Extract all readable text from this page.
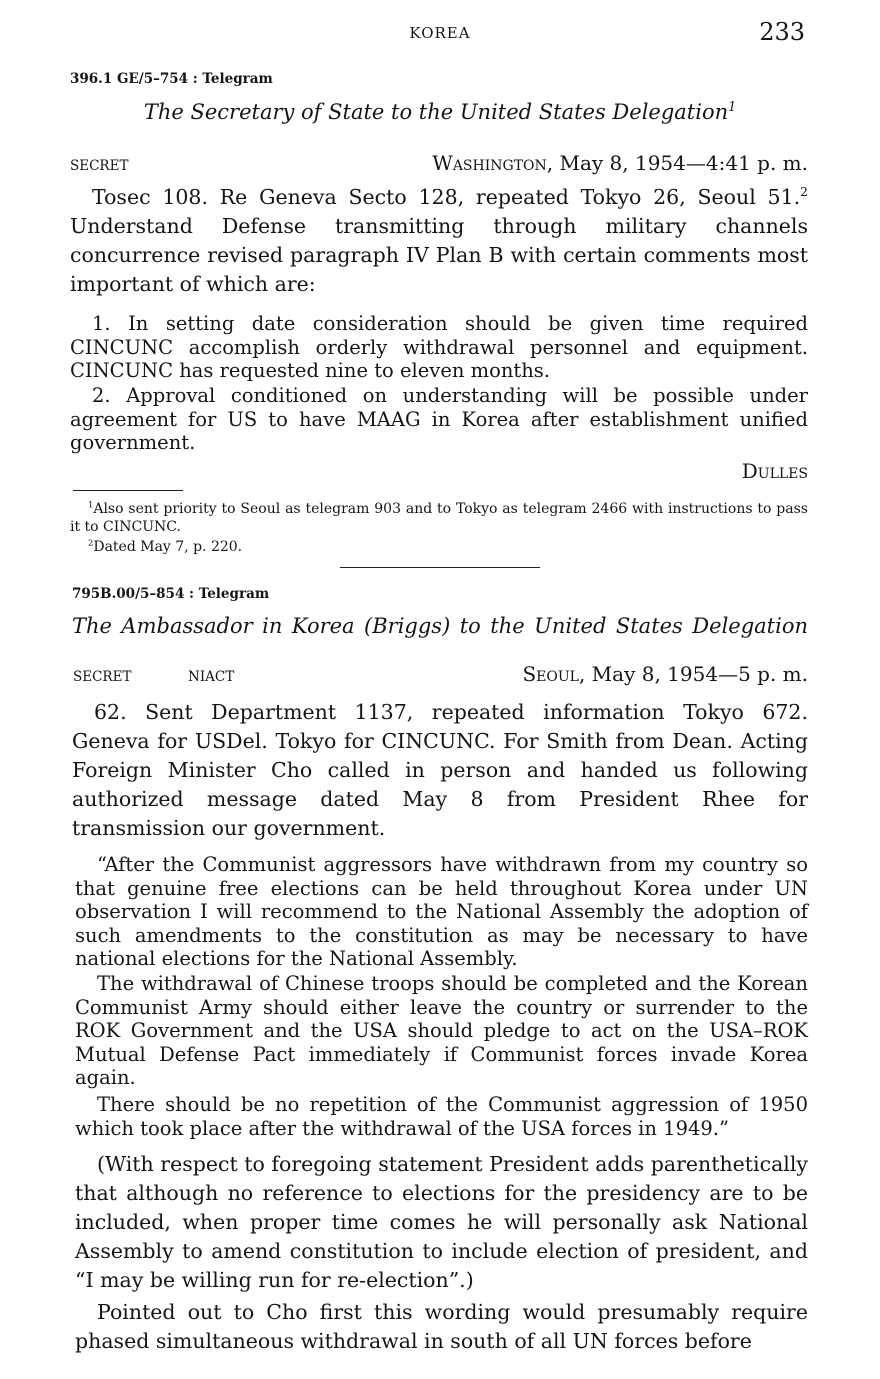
KOREA	233
396.1 GE/5–754 : Telegram
The Secretary of State to the United States Delegation$^1$
SECRET	Washington, May 8, 1954—4:41 p. m.

Tosec 108. Re Geneva Secto 128, repeated Tokyo 26, Seoul 51.$^2$ Understand Defense transmitting through military channels concurrence revised paragraph IV Plan B with certain comments most important of which are:

1. In setting date consideration should be given time required CINCUNC accomplish orderly withdrawal personnel and equipment. CINCUNC has requested nine to eleven months.

2. Approval conditioned on understanding will be possible under agreement for US to have MAAG in Korea after establishment unified government.

Dulles

$^1$Also sent priority to Seoul as telegram 903 and to Tokyo as telegram 2466 with instructions to pass it to CINCUNC.

$^2$Dated May 7, p. 220.

795B.00/5–854 : Telegram
The Ambassador in Korea (Briggs) to the United States Delegation
SECRET	NIACT	Seoul, May 8, 1954—5 p. m.

62. Sent Department 1137, repeated information Tokyo 672. Geneva for USDel. Tokyo for CINCUNC. For Smith from Dean. Acting Foreign Minister Cho called in person and handed us following authorized message dated May 8 from President Rhee for transmission our government.

“After the Communist aggressors have withdrawn from my country so that genuine free elections can be held throughout Korea under UN observation I will recommend to the National Assembly the adoption of such amendments to the constitution as may be necessary to have national elections for the National Assembly.

The withdrawal of Chinese troops should be completed and the Korean Communist Army should either leave the country or surrender to the ROK Government and the USA should pledge to act on the USA–ROK Mutual Defense Pact immediately if Communist forces invade Korea again.

There should be no repetition of the Communist aggression of 1950 which took place after the withdrawal of the USA forces in 1949.”

(With respect to foregoing statement President adds parenthetically that although no reference to elections for the presidency are to be included, when proper time comes he will personally ask National Assembly to amend constitution to include election of president, and “I may be willing run for re-election”.)

Pointed out to Cho first this wording would presumably require phased simultaneous withdrawal in south of all UN forces before
